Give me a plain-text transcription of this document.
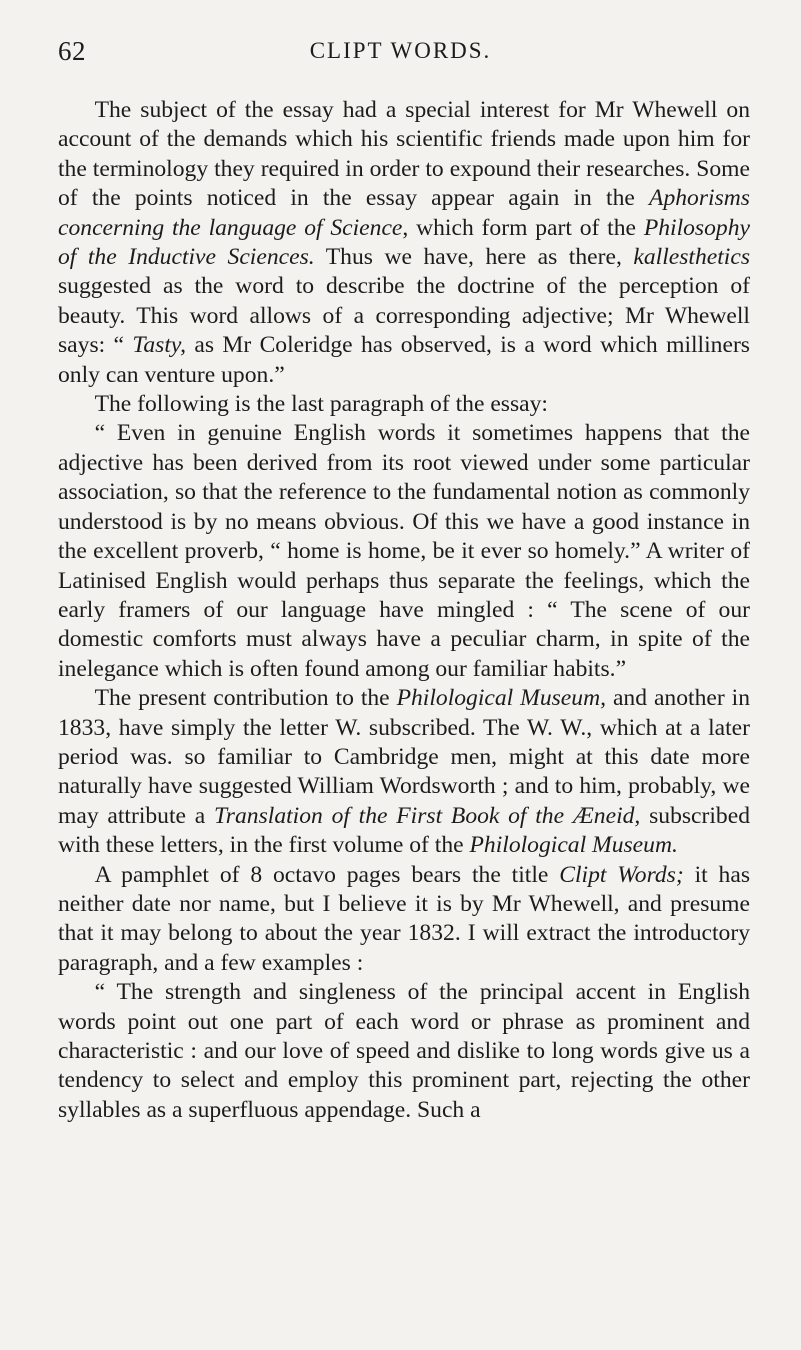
62	CLIPT WORDS.

The subject of the essay had a special interest for Mr Whewell on account of the demands which his scientific friends made upon him for the terminology they required in order to expound their researches. Some of the points noticed in the essay appear again in the Aphorisms concerning the language of Science, which form part of the Philosophy of the Inductive Sciences. Thus we have, here as there, kallesthetics suggested as the word to describe the doctrine of the perception of beauty. This word allows of a corresponding adjective; Mr Whewell says: “ Tasty, as Mr Coleridge has observed, is a word which milliners only can venture upon.”

The following is the last paragraph of the essay:

“ Even in genuine English words it sometimes happens that the adjective has been derived from its root viewed under some particular association, so that the reference to the fundamental notion as commonly understood is by no means obvious. Of this we have a good instance in the excellent proverb, “ home is home, be it ever so homely.” A writer of Latinised English would perhaps thus separate the feelings, which the early framers of our language have mingled : “ The scene of our domestic comforts must always have a peculiar charm, in spite of the inelegance which is often found among our familiar habits.”

The present contribution to the Philological Museum, and another in 1833, have simply the letter W. subscribed. The W. W., which at a later period was. so familiar to Cambridge men, might at this date more naturally have suggested William Wordsworth ; and to him, probably, we may attribute a Translation of the First Book of the Æneid, subscribed with these letters, in the first volume of the Philological Museum.

A pamphlet of 8 octavo pages bears the title Clipt Words; it has neither date nor name, but I believe it is by Mr Whewell, and presume that it may belong to about the year 1832. I will extract the introductory paragraph, and a few examples :

“ The strength and singleness of the principal accent in English words point out one part of each word or phrase as prominent and characteristic : and our love of speed and dislike to long words give us a tendency to select and employ this prominent part, rejecting the other syllables as a superfluous appendage. Such a
